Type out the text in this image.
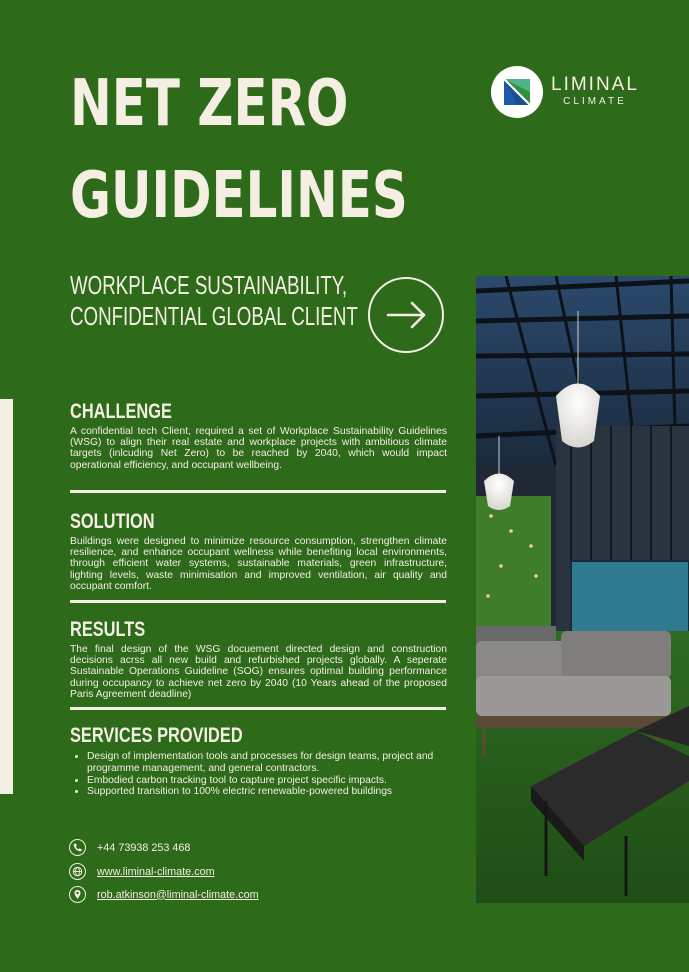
NET ZERO
GUIDELINES
LIMINAL
CLIMATE
WORKPLACE SUSTAINABILITY,
CONFIDENTIAL GLOBAL CLIENT
CHALLENGE

A confidential tech Client, required a set of Workplace Sustainability Guidelines (WSG) to align their real estate and workplace projects with ambitious climate targets (inlcuding Net Zero) to be reached by 2040, which would impact operational efficiency, and occupant wellbeing.

SOLUTION

Buildings were designed to minimize resource consumption, strengthen climate resilience, and enhance occupant wellness while benefiting local environments, through efficient water systems, sustainable materials, green infrastructure, lighting levels, waste minimisation and improved ventilation, air quality and occupant comfort.

RESULTS

The final design of the WSG docuement directed design and construction decisions acrss all new build and refurbished projects globally. A seperate Sustainable Operations Guideline (SOG) ensures optimal building performance during occupancy to achieve net zero by 2040 (10 Years ahead of the proposed Paris Agreement deadline)

SERVICES PROVIDED
• Design of implementation tools and processes for design teams, project and programme management, and general contractors.
• Embodied carbon tracking tool to capture project specific impacts.
• Supported transition to 100% electric renewable-powered buildings
+44 73938 253 468
www.liminal-climate.com
rob.atkinson@liminal-climate.com
